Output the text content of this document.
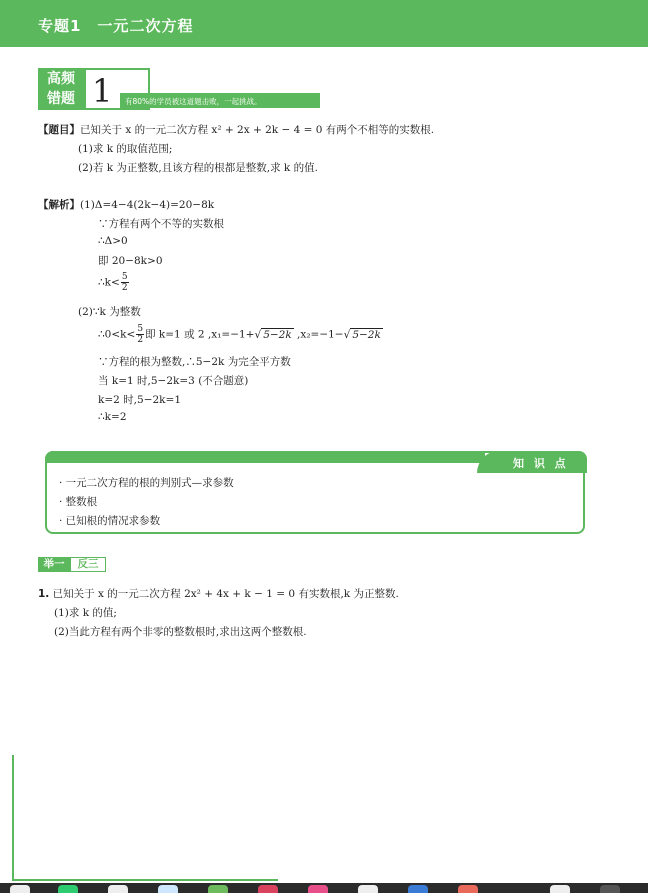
专题1　一元二次方程
高频
错题 1 有80%的学员被这道题击败，一起挑战。
【题目】已知关于 x 的一元二次方程 x² + 2x + 2k − 4 = 0 有两个不相等的实数根.
(1)求 k 的取值范围;
(2)若 k 为正整数,且该方程的根都是整数,求 k 的值.
【解析】(1)Δ=4−4(2k−4)=20−8k
∵方程有两个不等的实数根
∴Δ>0
即 20−8k>0
∴k< $\frac{5}{2}$
(2)∵k 为整数
∴0<k< $\frac{5}{2}$ 即 k=1 或 2 ,x₁=−1+√ 5−2k ,x₂=−1−√ 5−2k
∵方程的根为整数,∴5−2k 为完全平方数
当 k=1 时,5−2k=3 (不合题意)
k=2 时,5−2k=1
∴k=2
知 识 点
· 一元二次方程的根的判别式—求参数
· 整数根
· 已知根的情况求参数
举一	反三
1. 已知关于 x 的一元二次方程 2x² + 4x + k − 1 = 0 有实数根,k 为正整数.
(1)求 k 的值;
(2)当此方程有两个非零的整数根时,求出这两个整数根.
